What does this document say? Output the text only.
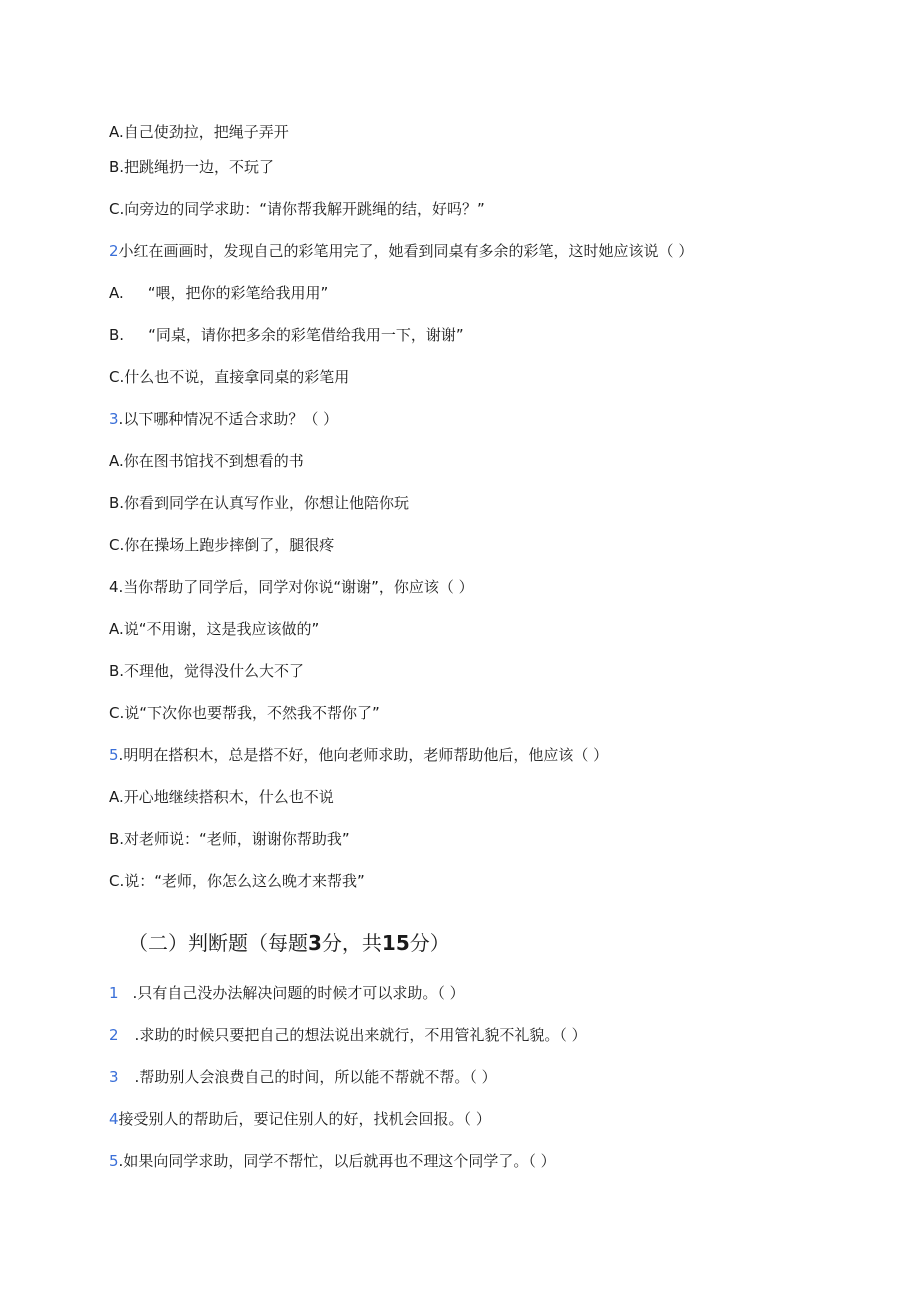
A.自己使劲拉，把绳子弄开
B.把跳绳扔一边，不玩了
C.向旁边的同学求助：“请你帮我解开跳绳的结，好吗？”
2小红在画画时，发现自己的彩笔用完了，她看到同桌有多余的彩笔，这时她应该说（ ）
A. “喂，把你的彩笔给我用用”
B. “同桌，请你把多余的彩笔借给我用一下，谢谢”
C.什么也不说，直接拿同桌的彩笔用
3.以下哪种情况不适合求助？（ ）
A.你在图书馆找不到想看的书
B.你看到同学在认真写作业，你想让他陪你玩
C.你在操场上跑步摔倒了，腿很疼
4.当你帮助了同学后，同学对你说“谢谢”，你应该（ ）
A.说“不用谢，这是我应该做的”
B.不理他，觉得没什么大不了
C.说“下次你也要帮我，不然我不帮你了”
5.明明在搭积木，总是搭不好，他向老师求助，老师帮助他后，他应该（ ）
A.开心地继续搭积木，什么也不说
B.对老师说：“老师，谢谢你帮助我”
C.说：“老师，你怎么这么晚才来帮我”
（二）判断题（每题3分，共15分）
1 .只有自己没办法解决问题的时候才可以求助。（ ）
2 .求助的时候只要把自己的想法说出来就行，不用管礼貌不礼貌。（ ）
3 .帮助别人会浪费自己的时间，所以能不帮就不帮。（ ）
4接受别人的帮助后，要记住别人的好，找机会回报。（ ）
5.如果向同学求助，同学不帮忙，以后就再也不理这个同学了。（ ）
